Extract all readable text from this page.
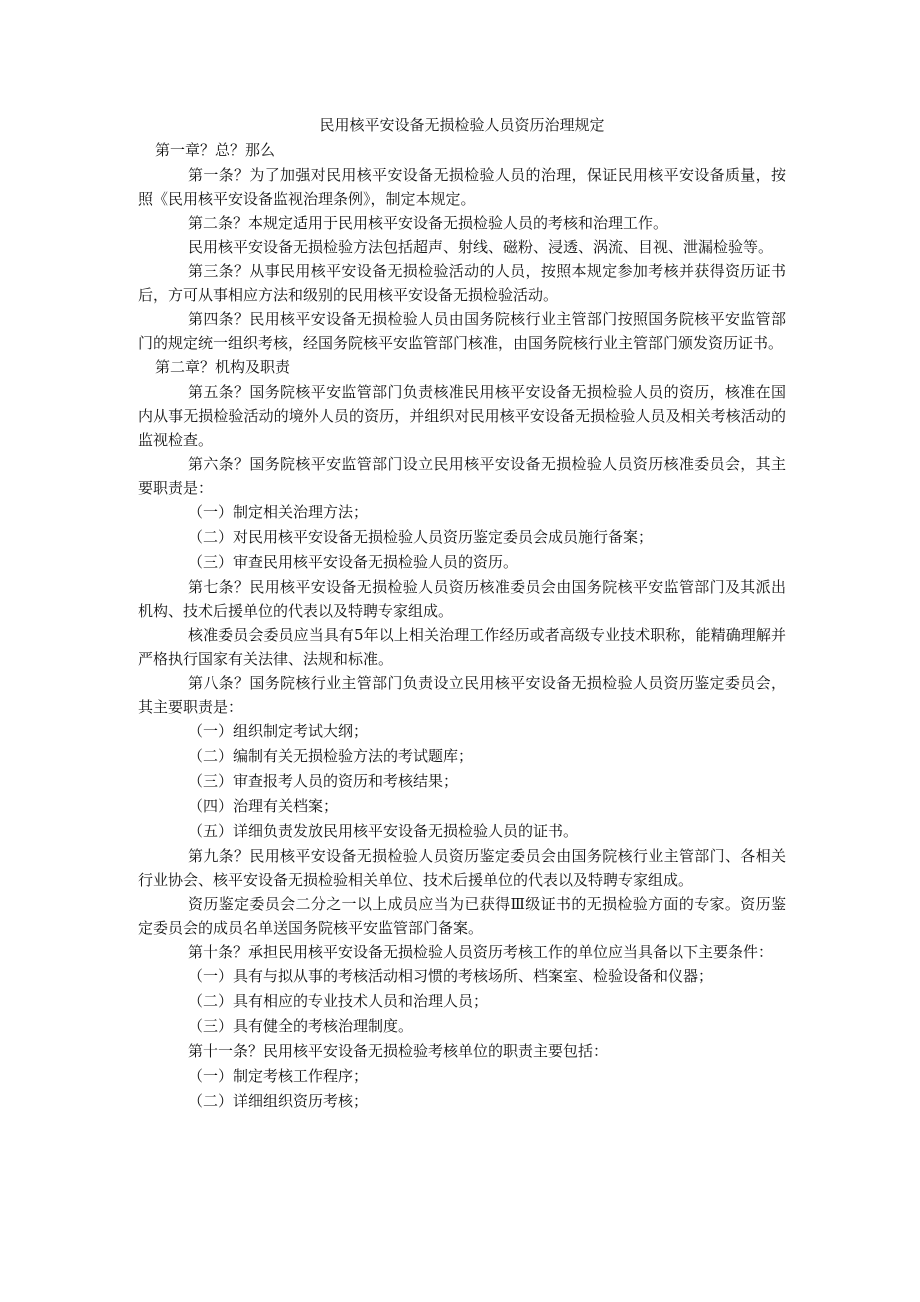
民用核平安设备无损检验人员资历治理规定

第一章？总？那么

第一条？为了加强对民用核平安设备无损检验人员的治理，保证民用核平安设备质量，按照《民用核平安设备监视治理条例》，制定本规定。

第二条？本规定适用于民用核平安设备无损检验人员的考核和治理工作。

民用核平安设备无损检验方法包括超声、射线、磁粉、浸透、涡流、目视、泄漏检验等。

第三条？从事民用核平安设备无损检验活动的人员，按照本规定参加考核并获得资历证书后，方可从事相应方法和级别的民用核平安设备无损检验活动。

第四条？民用核平安设备无损检验人员由国务院核行业主管部门按照国务院核平安监管部门的规定统一组织考核，经国务院核平安监管部门核准，由国务院核行业主管部门颁发资历证书。

第二章？机构及职责

第五条？国务院核平安监管部门负责核准民用核平安设备无损检验人员的资历，核准在国内从事无损检验活动的境外人员的资历，并组织对民用核平安设备无损检验人员及相关考核活动的监视检查。

第六条？国务院核平安监管部门设立民用核平安设备无损检验人员资历核准委员会，其主要职责是：

（一）制定相关治理方法；

（二）对民用核平安设备无损检验人员资历鉴定委员会成员施行备案；

（三）审查民用核平安设备无损检验人员的资历。

第七条？民用核平安设备无损检验人员资历核准委员会由国务院核平安监管部门及其派出机构、技术后援单位的代表以及特聘专家组成。

核准委员会委员应当具有5年以上相关治理工作经历或者高级专业技术职称，能精确理解并严格执行国家有关法律、法规和标准。

第八条？国务院核行业主管部门负责设立民用核平安设备无损检验人员资历鉴定委员会，其主要职责是：

（一）组织制定考试大纲；

（二）编制有关无损检验方法的考试题库；

（三）审查报考人员的资历和考核结果；

（四）治理有关档案；

（五）详细负责发放民用核平安设备无损检验人员的证书。

第九条？民用核平安设备无损检验人员资历鉴定委员会由国务院核行业主管部门、各相关行业协会、核平安设备无损检验相关单位、技术后援单位的代表以及特聘专家组成。

资历鉴定委员会二分之一以上成员应当为已获得Ⅲ级证书的无损检验方面的专家。资历鉴定委员会的成员名单送国务院核平安监管部门备案。

第十条？承担民用核平安设备无损检验人员资历考核工作的单位应当具备以下主要条件：

（一）具有与拟从事的考核活动相习惯的考核场所、档案室、检验设备和仪器；

（二）具有相应的专业技术人员和治理人员；

（三）具有健全的考核治理制度。

第十一条？民用核平安设备无损检验考核单位的职责主要包括：

（一）制定考核工作程序；

（二）详细组织资历考核；
